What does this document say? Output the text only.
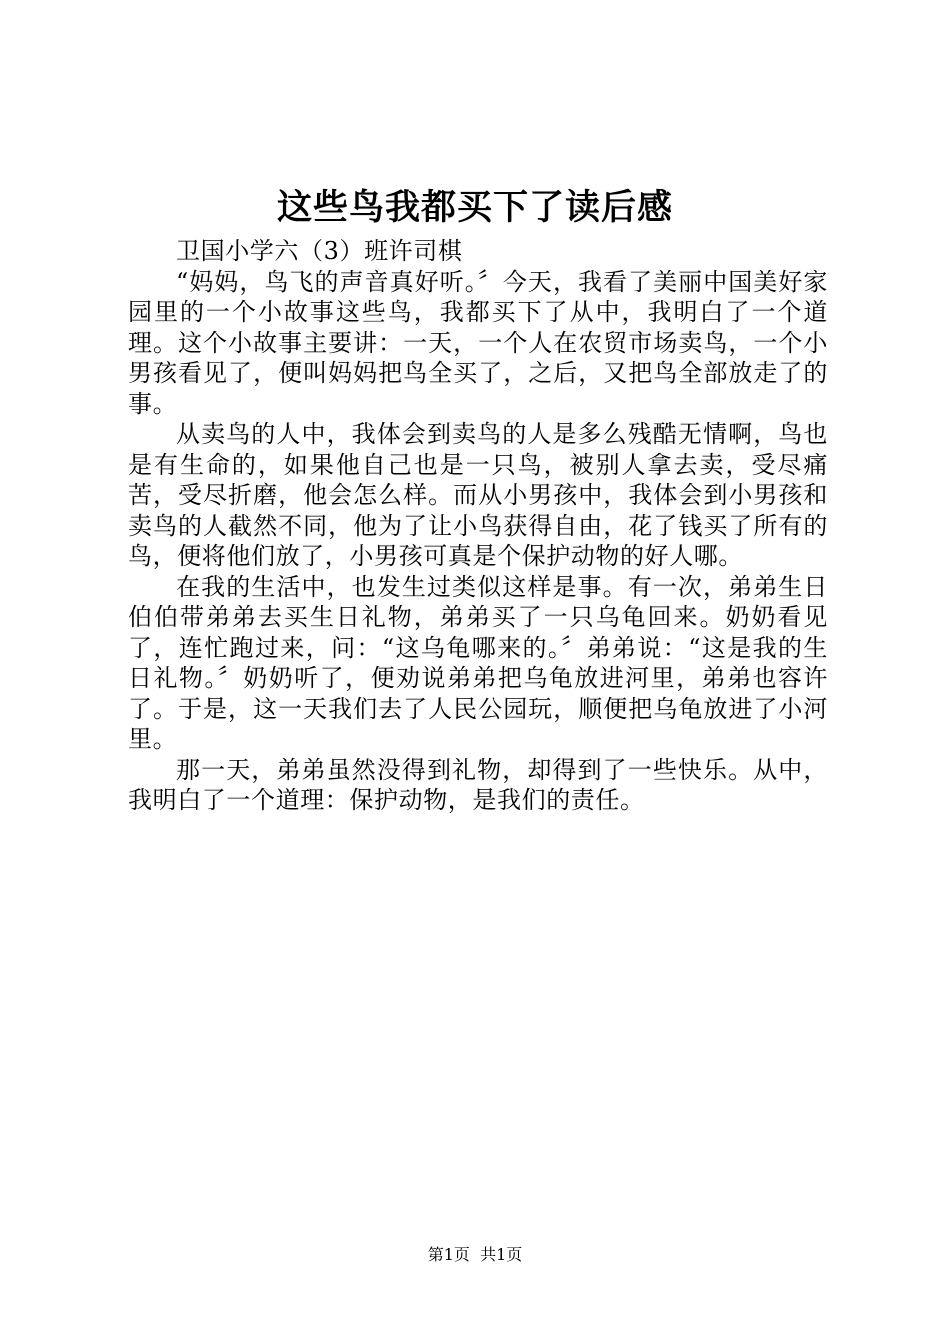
这些鸟我都买下了读后感

卫国小学六（3）班许司棋

“妈妈，鸟飞的声音真好听。〞今天，我看了美丽中国美好家园里的一个小故事这些鸟，我都买下了从中，我明白了一个道理。这个小故事主要讲：一天，一个人在农贸市场卖鸟，一个小男孩看见了，便叫妈妈把鸟全买了，之后，又把鸟全部放走了的事。

从卖鸟的人中，我体会到卖鸟的人是多么残酷无情啊，鸟也是有生命的，如果他自己也是一只鸟，被别人拿去卖，受尽痛苦，受尽折磨，他会怎么样。而从小男孩中，我体会到小男孩和卖鸟的人截然不同，他为了让小鸟获得自由，花了钱买了所有的鸟，便将他们放了，小男孩可真是个保护动物的好人哪。

在我的生活中，也发生过类似这样是事。有一次，弟弟生日伯伯带弟弟去买生日礼物，弟弟买了一只乌龟回来。奶奶看见了，连忙跑过来，问：“这乌龟哪来的。〞弟弟说：“这是我的生日礼物。〞奶奶听了，便劝说弟弟把乌龟放进河里，弟弟也容许了。于是，这一天我们去了人民公园玩，顺便把乌龟放进了小河里。

那一天，弟弟虽然没得到礼物，却得到了一些快乐。从中，我明白了一个道理：保护动物，是我们的责任。

第1页 共1页
